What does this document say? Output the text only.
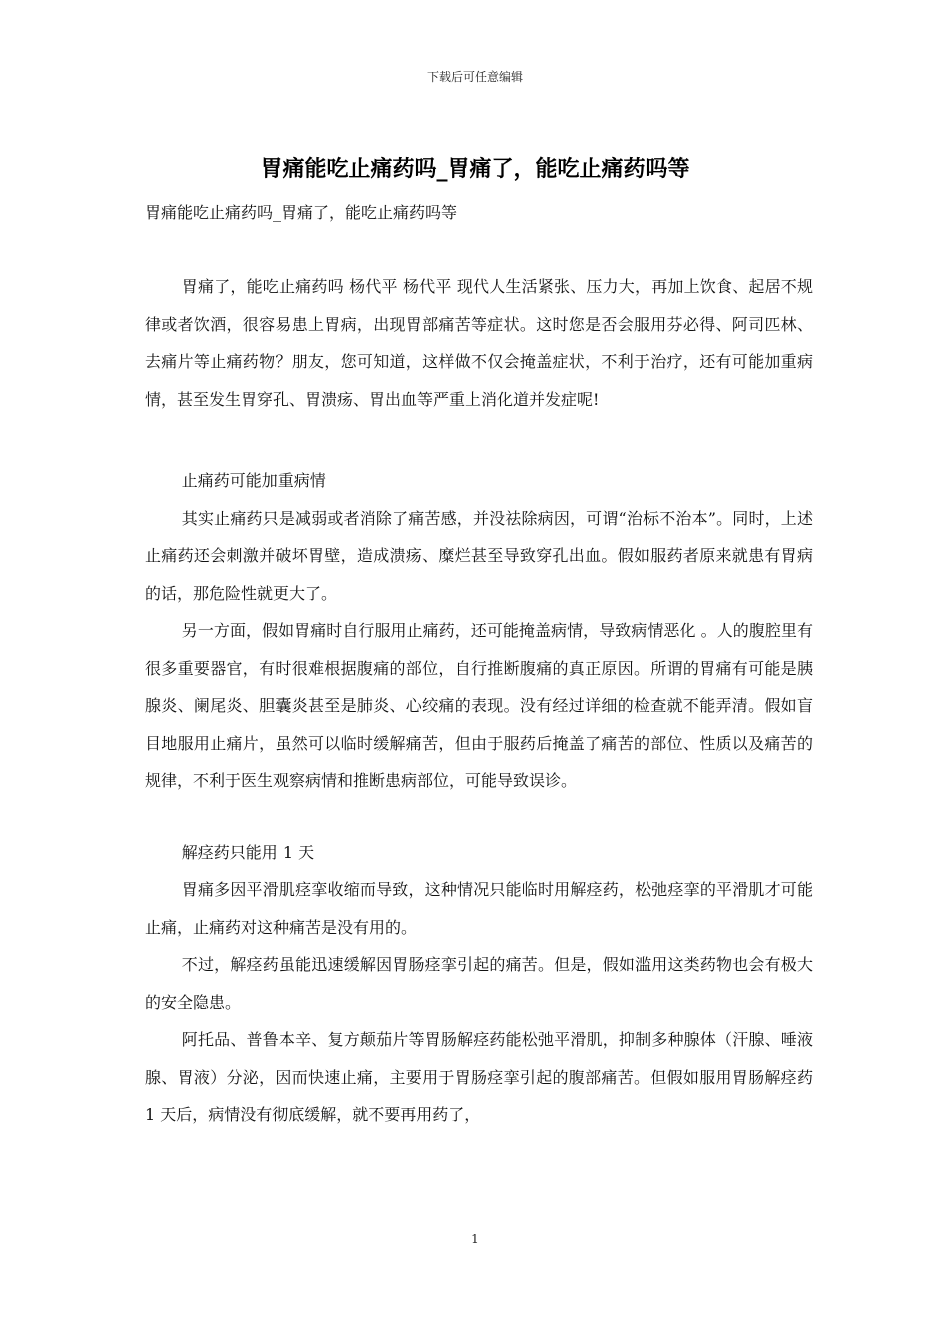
下载后可任意编辑
胃痛能吃止痛药吗_胃痛了，能吃止痛药吗等
胃痛能吃止痛药吗_胃痛了，能吃止痛药吗等

胃痛了，能吃止痛药吗 杨代平 杨代平 现代人生活紧张、压力大，再加上饮食、起居不规律或者饮酒，很容易患上胃病，出现胃部痛苦等症状。这时您是否会服用芬必得、阿司匹林、去痛片等止痛药物？朋友，您可知道，这样做不仅会掩盖症状，不利于治疗，还有可能加重病情，甚至发生胃穿孔、胃溃疡、胃出血等严重上消化道并发症呢!

止痛药可能加重病情

其实止痛药只是减弱或者消除了痛苦感，并没祛除病因，可谓“治标不治本”。同时，上述止痛药还会刺激并破坏胃壁，造成溃疡、糜烂甚至导致穿孔出血。假如服药者原来就患有胃病的话，那危险性就更大了。

另一方面，假如胃痛时自行服用止痛药，还可能掩盖病情，导致病情恶化 。人的腹腔里有很多重要器官，有时很难根据腹痛的部位，自行推断腹痛的真正原因。所谓的胃痛有可能是胰腺炎、阑尾炎、胆囊炎甚至是肺炎、心绞痛的表现。没有经过详细的检查就不能弄清。假如盲目地服用止痛片，虽然可以临时缓解痛苦，但由于服药后掩盖了痛苦的部位、性质以及痛苦的规律，不利于医生观察病情和推断患病部位，可能导致误诊。

解痉药只能用 1 天

胃痛多因平滑肌痉挛收缩而导致，这种情况只能临时用解痉药，松弛痉挛的平滑肌才可能止痛，止痛药对这种痛苦是没有用的。

不过，解痉药虽能迅速缓解因胃肠痉挛引起的痛苦。但是，假如滥用这类药物也会有极大的安全隐患。

阿托品、普鲁本辛、复方颠茄片等胃肠解痉药能松弛平滑肌，抑制多种腺体（汗腺、唾液腺、胃液）分泌，因而快速止痛，主要用于胃肠痉挛引起的腹部痛苦。但假如服用胃肠解痉药 1 天后，病情没有彻底缓解，就不要再用药了，

1
